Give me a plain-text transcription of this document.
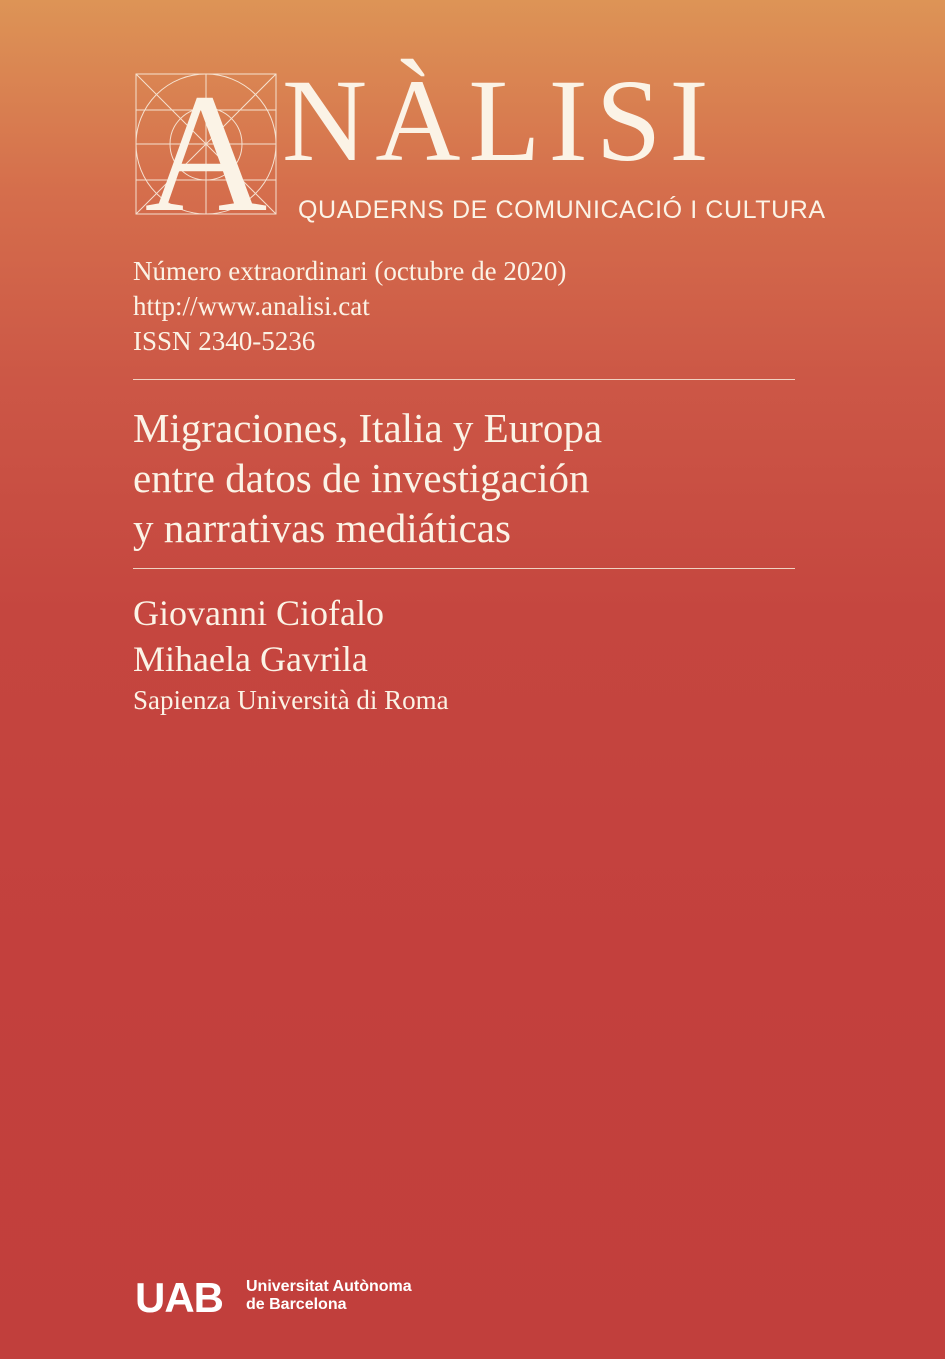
A NÀLISI
QUADERNS DE COMUNICACIÓ I CULTURA
Número extraordinari (octubre de 2020)
http://www.analisi.cat
ISSN 2340-5236
Migraciones, Italia y Europa
entre datos de investigación
y narrativas mediáticas
Giovanni Ciofalo
Mihaela Gavrila
Sapienza Università di Roma
UAB Universitat Autònoma
de Barcelona
